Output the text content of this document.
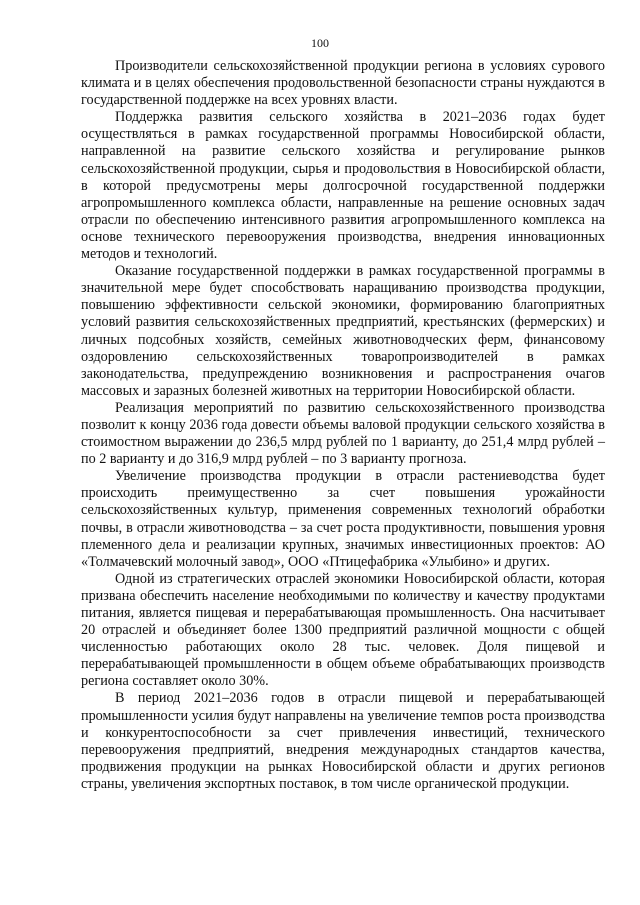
100

Производители сельскохозяйственной продукции региона в условиях сурового климата и в целях обеспечения продовольственной безопасности страны нуждаются в государственной поддержке на всех уровнях власти.

Поддержка развития сельского хозяйства в 2021–2036 годах будет осуществляться в рамках государственной программы Новосибирской области, направленной на развитие сельского хозяйства и регулирование рынков сельскохозяйственной продукции, сырья и продовольствия в Новосибирской области, в которой предусмотрены меры долгосрочной государственной поддержки агропромышленного комплекса области, направленные на решение основных задач отрасли по обеспечению интенсивного развития агропромышленного комплекса на основе технического перевооружения производства, внедрения инновационных методов и технологий.

Оказание государственной поддержки в рамках государственной программы в значительной мере будет способствовать наращиванию производства продукции, повышению эффективности сельской экономики, формированию благоприятных условий развития сельскохозяйственных предприятий, крестьянских (фермерских) и личных подсобных хозяйств, семейных животноводческих ферм, финансовому оздоровлению сельскохозяйственных товаропроизводителей в рамках законодательства, предупреждению возникновения и распространения очагов массовых и заразных болезней животных на территории Новосибирской области.

Реализация мероприятий по развитию сельскохозяйственного производства позволит к концу 2036 года довести объемы валовой продукции сельского хозяйства в стоимостном выражении до 236,5 млрд рублей по 1 варианту, до 251,4 млрд рублей – по 2 варианту и до 316,9 млрд рублей – по 3 варианту прогноза.

Увеличение производства продукции в отрасли растениеводства будет происходить преимущественно за счет повышения урожайности сельскохозяйственных культур, применения современных технологий обработки почвы, в отрасли животноводства – за счет роста продуктивности, повышения уровня племенного дела и реализации крупных, значимых инвестиционных проектов: АО «Толмачевский молочный завод», ООО «Птицефабрика «Улыбино» и других.

Одной из стратегических отраслей экономики Новосибирской области, которая призвана обеспечить население необходимыми по количеству и качеству продуктами питания, является пищевая и перерабатывающая промышленность. Она насчитывает 20 отраслей и объединяет более 1300 предприятий различной мощности с общей численностью работающих около 28 тыс. человек. Доля пищевой и перерабатывающей промышленности в общем объеме обрабатывающих производств региона составляет около 30%.

В период 2021–2036 годов в отрасли пищевой и перерабатывающей промышленности усилия будут направлены на увеличение темпов роста производства и конкурентоспособности за счет привлечения инвестиций, технического перевооружения предприятий, внедрения международных стандартов качества, продвижения продукции на рынках Новосибирской области и других регионов страны, увеличения экспортных поставок, в том числе органической продукции.
